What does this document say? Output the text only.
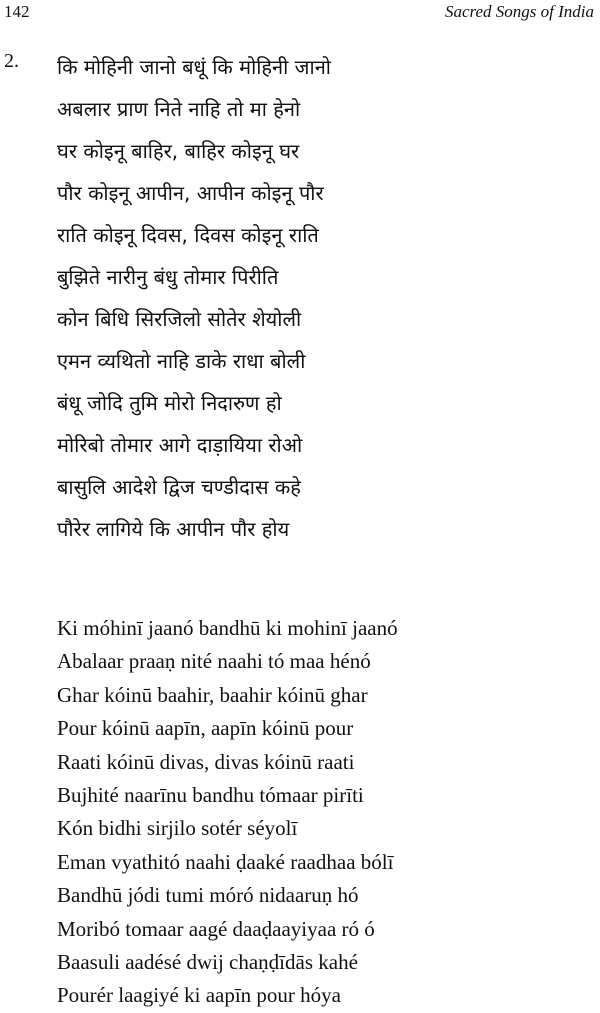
142	Sacred Songs of India
2. कि मोहिनी जानो बधूं कि मोहिनी जानो
अबलार प्राण निते नाहि तो मा हेनो
घर कोइनू बाहिर, बाहिर कोइनू घर
पौर कोइनू आपीन, आपीन कोइनू पौर
राति कोइनू दिवस, दिवस कोइनू राति
बुझिते नारीनु बंधु तोमार पिरीति
कोन बिधि सिरजिलो सोतेर शेयोली
एमन व्यथितो नाहि डाके राधा बोली
बंधू जोदि तुमि मोरो निदारुण हो
मोरिबो तोमार आगे दाड़ायिया रोओ
बासुलि आदेशे द्विज चण्डीदास कहे
पौरेर लागिये कि आपीन पौर होय
Ki móhinī jaanó bandhū ki mohinī jaanó
Abalaar praaṇ nité naahi tó maa hénó
Ghar kóinū baahir, baahir kóinū ghar
Pour kóinū aapīn, aapīn kóinū pour
Raati kóinū divas, divas kóinū raati
Bujhité naarīnu bandhu tómaar pirīti
Kón bidhi sirjilo sotér séyolī
Eman vyathitó naahi ḍaaké raadhaa bólī
Bandhū jódi tumi móró nidaaruṇ hó
Moribó tomaar aagé daaḍaayiyaa ró ó
Baasuli aadésé dwij chaṇḍīdās kahé
Pourér laagiyé ki aapīn pour hóya
